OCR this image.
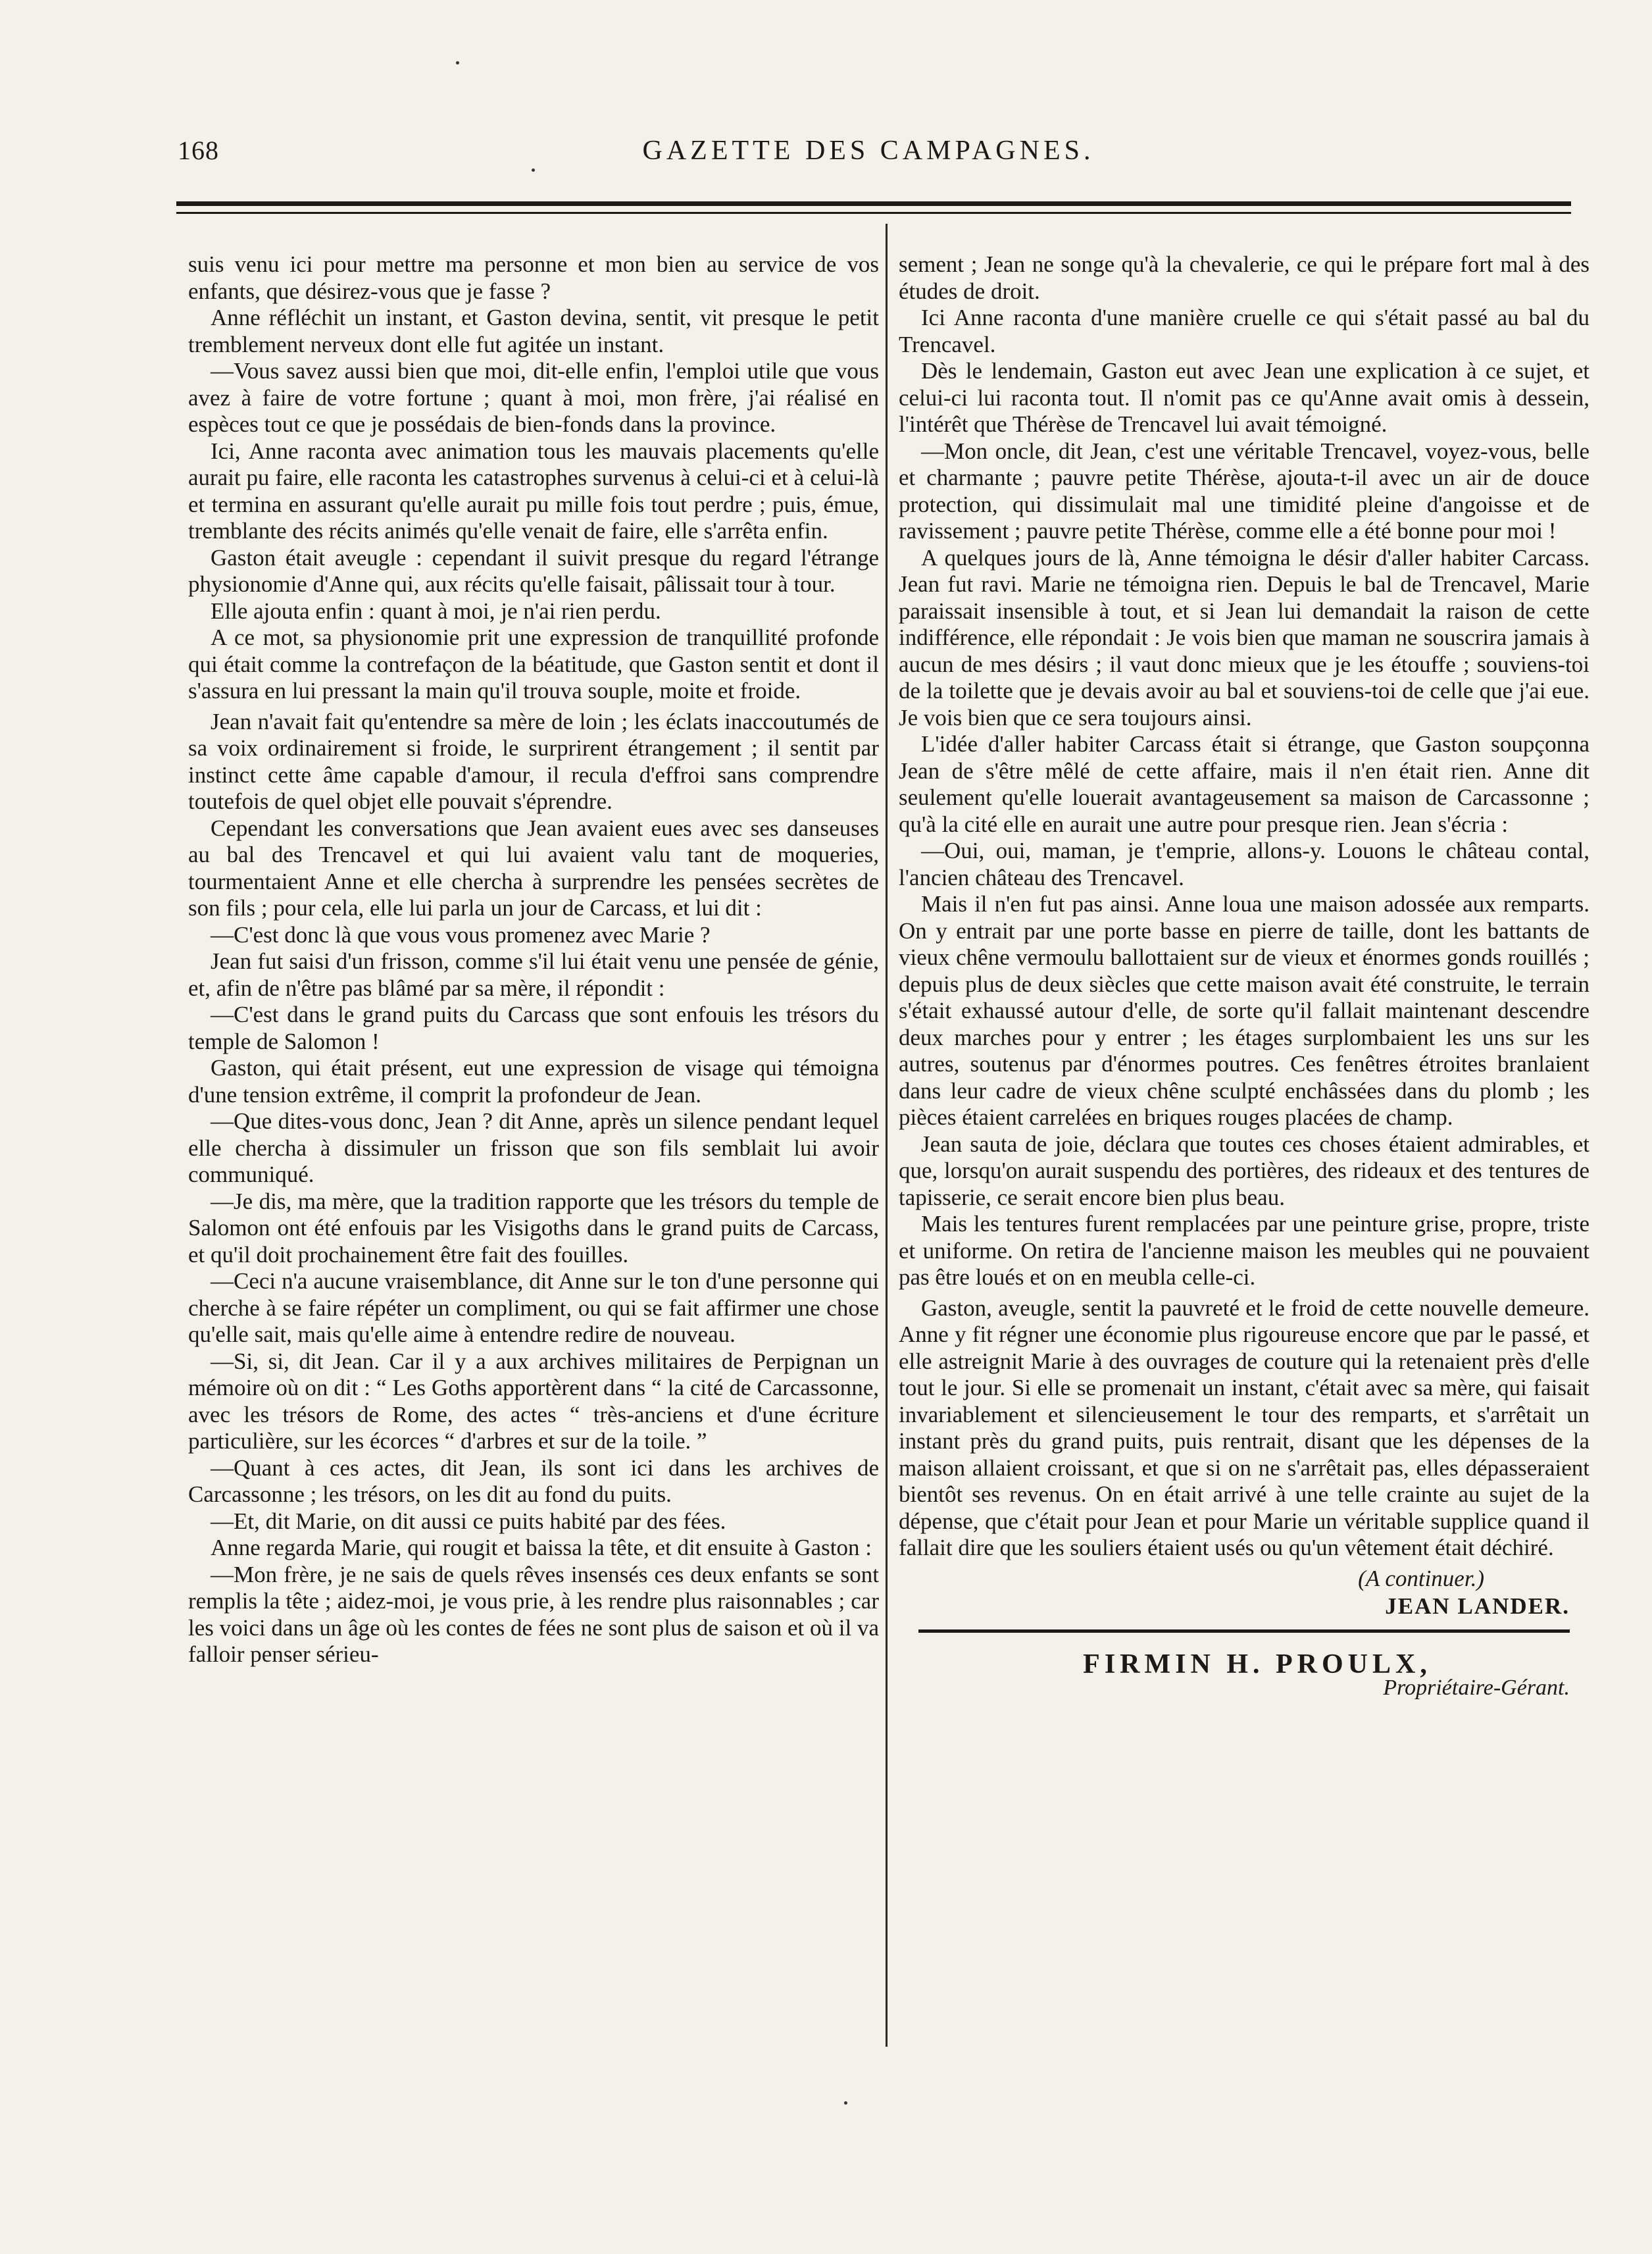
168	GAZETTE DES CAMPAGNES.

suis venu ici pour mettre ma personne et mon bien au service de vos enfants, que désirez-vous que je fasse ?

Anne réfléchit un instant, et Gaston devina, sentit, vit presque le petit tremblement nerveux dont elle fut agitée un instant.

—Vous savez aussi bien que moi, dit-elle enfin, l'emploi utile que vous avez à faire de votre fortune ; quant à moi, mon frère, j'ai réalisé en espèces tout ce que je possédais de bien-fonds dans la province.

Ici, Anne raconta avec animation tous les mauvais placements qu'elle aurait pu faire, elle raconta les catastrophes survenus à celui-ci et à celui-là et termina en assurant qu'elle aurait pu mille fois tout perdre ; puis, émue, tremblante des récits animés qu'elle venait de faire, elle s'arrêta enfin.

Gaston était aveugle : cependant il suivit presque du regard l'étrange physionomie d'Anne qui, aux récits qu'elle faisait, pâlissait tour à tour.

Elle ajouta enfin : quant à moi, je n'ai rien perdu.

A ce mot, sa physionomie prit une expression de tranquillité profonde qui était comme la contrefaçon de la béatitude, que Gaston sentit et dont il s'assura en lui pressant la main qu'il trouva souple, moite et froide.

Jean n'avait fait qu'entendre sa mère de loin ; les éclats inaccoutumés de sa voix ordinairement si froide, le surprirent étrangement ; il sentit par instinct cette âme capable d'amour, il recula d'effroi sans comprendre toutefois de quel objet elle pouvait s'éprendre.

Cependant les conversations que Jean avaient eues avec ses danseuses au bal des Trencavel et qui lui avaient valu tant de moqueries, tourmentaient Anne et elle chercha à surprendre les pensées secrètes de son fils ; pour cela, elle lui parla un jour de Carcass, et lui dit :

—C'est donc là que vous vous promenez avec Marie ?

Jean fut saisi d'un frisson, comme s'il lui était venu une pensée de génie, et, afin de n'être pas blâmé par sa mère, il répondit :

—C'est dans le grand puits du Carcass que sont enfouis les trésors du temple de Salomon !

Gaston, qui était présent, eut une expression de visage qui témoigna d'une tension extrême, il comprit la profondeur de Jean.

—Que dites-vous donc, Jean ? dit Anne, après un silence pendant lequel elle chercha à dissimuler un frisson que son fils semblait lui avoir communiqué.

—Je dis, ma mère, que la tradition rapporte que les trésors du temple de Salomon ont été enfouis par les Visigoths dans le grand puits de Carcass, et qu'il doit prochainement être fait des fouilles.

—Ceci n'a aucune vraisemblance, dit Anne sur le ton d'une personne qui cherche à se faire répéter un compliment, ou qui se fait affirmer une chose qu'elle sait, mais qu'elle aime à entendre redire de nouveau.

—Si, si, dit Jean. Car il y a aux archives militaires de Perpignan un mémoire où on dit : “ Les Goths apportèrent dans “ la cité de Carcassonne, avec les trésors de Rome, des actes “ très-anciens et d'une écriture particulière, sur les écorces “ d'arbres et sur de la toile. ”

—Quant à ces actes, dit Jean, ils sont ici dans les archives de Carcassonne ; les trésors, on les dit au fond du puits.

—Et, dit Marie, on dit aussi ce puits habité par des fées.

Anne regarda Marie, qui rougit et baissa la tête, et dit ensuite à Gaston :

—Mon frère, je ne sais de quels rêves insensés ces deux enfants se sont remplis la tête ; aidez-moi, je vous prie, à les rendre plus raisonnables ; car les voici dans un âge où les contes de fées ne sont plus de saison et où il va falloir penser sérieu-

sement ; Jean ne songe qu'à la chevalerie, ce qui le prépare fort mal à des études de droit.

Ici Anne raconta d'une manière cruelle ce qui s'était passé au bal du Trencavel.

Dès le lendemain, Gaston eut avec Jean une explication à ce sujet, et celui-ci lui raconta tout. Il n'omit pas ce qu'Anne avait omis à dessein, l'intérêt que Thérèse de Trencavel lui avait témoigné.

—Mon oncle, dit Jean, c'est une véritable Trencavel, voyez-vous, belle et charmante ; pauvre petite Thérèse, ajouta-t-il avec un air de douce protection, qui dissimulait mal une timidité pleine d'angoisse et de ravissement ; pauvre petite Thérèse, comme elle a été bonne pour moi !

A quelques jours de là, Anne témoigna le désir d'aller habiter Carcass. Jean fut ravi. Marie ne témoigna rien. Depuis le bal de Trencavel, Marie paraissait insensible à tout, et si Jean lui demandait la raison de cette indifférence, elle répondait : Je vois bien que maman ne souscrira jamais à aucun de mes désirs ; il vaut donc mieux que je les étouffe ; souviens-toi de la toilette que je devais avoir au bal et souviens-toi de celle que j'ai eue. Je vois bien que ce sera toujours ainsi.

L'idée d'aller habiter Carcass était si étrange, que Gaston soupçonna Jean de s'être mêlé de cette affaire, mais il n'en était rien. Anne dit seulement qu'elle louerait avantageusement sa maison de Carcassonne ; qu'à la cité elle en aurait une autre pour presque rien. Jean s'écria :

—Oui, oui, maman, je t'emprie, allons-y. Louons le château contal, l'ancien château des Trencavel.

Mais il n'en fut pas ainsi. Anne loua une maison adossée aux remparts. On y entrait par une porte basse en pierre de taille, dont les battants de vieux chêne vermoulu ballottaient sur de vieux et énormes gonds rouillés ; depuis plus de deux siècles que cette maison avait été construite, le terrain s'était exhaussé autour d'elle, de sorte qu'il fallait maintenant descendre deux marches pour y entrer ; les étages surplombaient les uns sur les autres, soutenus par d'énormes poutres. Ces fenêtres étroites branlaient dans leur cadre de vieux chêne sculpté enchâssées dans du plomb ; les pièces étaient carrelées en briques rouges placées de champ.

Jean sauta de joie, déclara que toutes ces choses étaient admirables, et que, lorsqu'on aurait suspendu des portières, des rideaux et des tentures de tapisserie, ce serait encore bien plus beau.

Mais les tentures furent remplacées par une peinture grise, propre, triste et uniforme. On retira de l'ancienne maison les meubles qui ne pouvaient pas être loués et on en meubla celle-ci.

Gaston, aveugle, sentit la pauvreté et le froid de cette nouvelle demeure. Anne y fit régner une économie plus rigoureuse encore que par le passé, et elle astreignit Marie à des ouvrages de couture qui la retenaient près d'elle tout le jour. Si elle se promenait un instant, c'était avec sa mère, qui faisait invariablement et silencieusement le tour des remparts, et s'arrêtait un instant près du grand puits, puis rentrait, disant que les dépenses de la maison allaient croissant, et que si on ne s'arrêtait pas, elles dépasseraient bientôt ses revenus. On en était arrivé à une telle crainte au sujet de la dépense, que c'était pour Jean et pour Marie un véritable supplice quand il fallait dire que les souliers étaient usés ou qu'un vêtement était déchiré.

(A continuer.)
JEAN LANDER.
FIRMIN H. PROULX,
Propriétaire-Gérant.
